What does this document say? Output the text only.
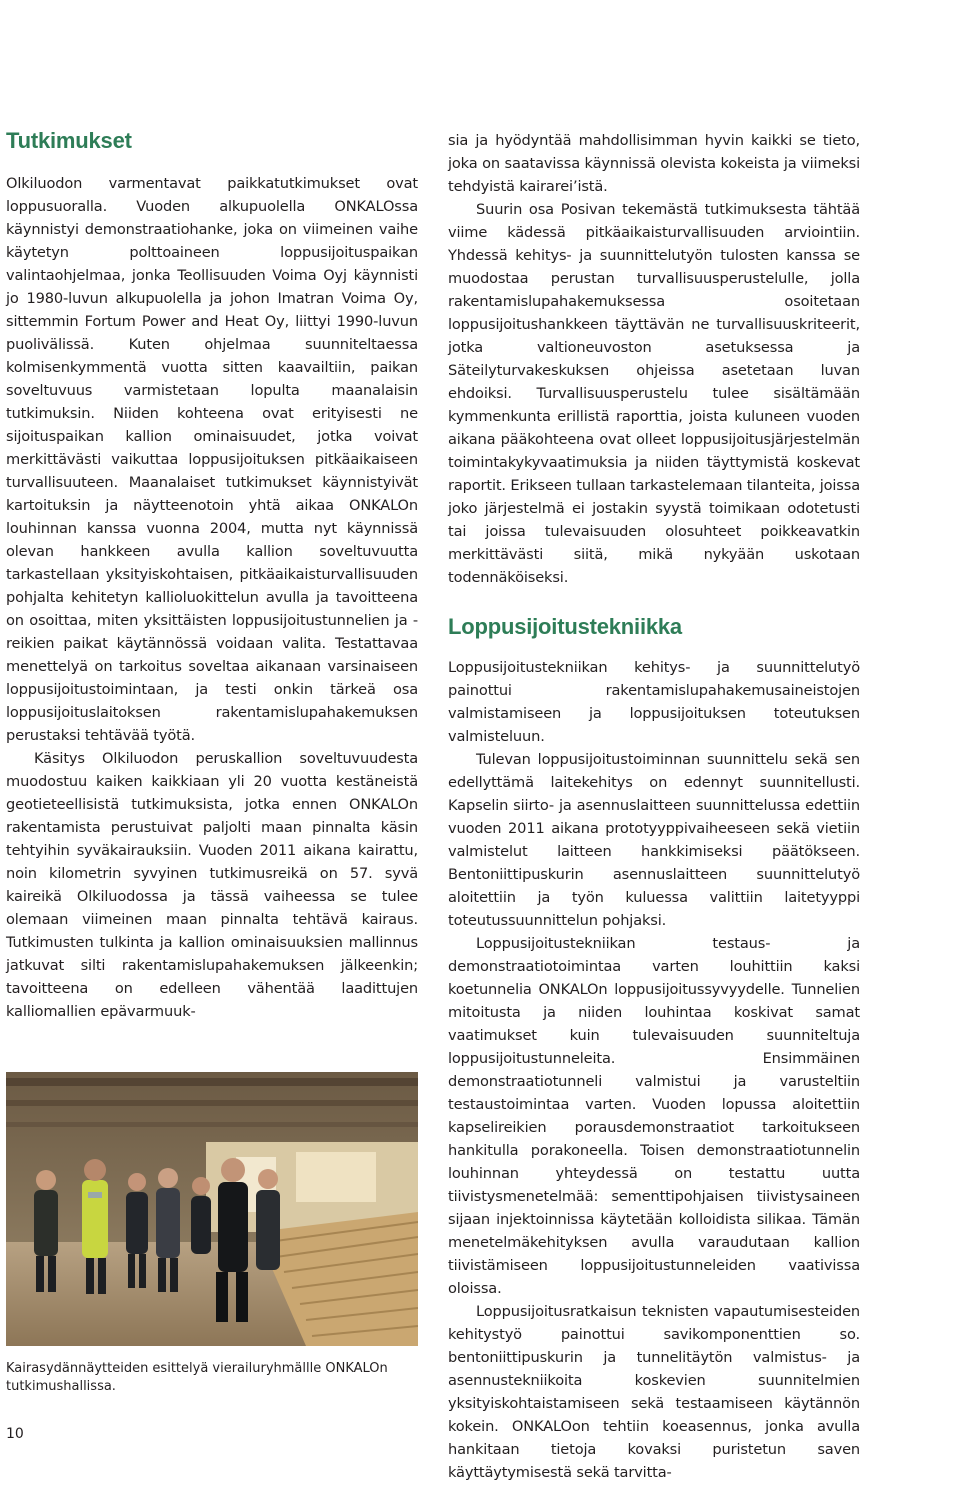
Tutkimukset

Olkiluodon varmentavat paikkatutkimukset ovat loppusuoralla. Vuoden alkupuolella ONKALOssa käynnistyi demonstraatiohanke, joka on viimeinen vaihe käytetyn polttoaineen loppusijoituspaikan valintaohjelmaa, jonka Teollisuuden Voima Oyj käynnisti jo 1980-luvun alkupuolella ja johon Imatran Voima Oy, sittemmin Fortum Power and Heat Oy, liittyi 1990-luvun puolivälissä. Kuten ohjelmaa suunniteltaessa kolmisenkymmentä vuotta sitten kaavailtiin, paikan soveltuvuus varmistetaan lopulta maanalaisin tutkimuksin. Niiden kohteena ovat erityisesti ne sijoituspaikan kallion ominaisuudet, jotka voivat merkittävästi vaikuttaa loppusijoituksen pitkäaikaiseen turvallisuuteen. Maanalaiset tutkimukset käynnistyivät kartoituksin ja näytteenotoin yhtä aikaa ONKALOn louhinnan kanssa vuonna 2004, mutta nyt käynnissä olevan hankkeen avulla kallion soveltuvuutta tarkastellaan yksityiskohtaisen, pitkäaikaisturvallisuuden pohjalta kehitetyn kallioluokittelun avulla ja tavoitteena on osoittaa, miten yksittäisten loppusijoitustunnelien ja -reikien paikat käytännössä voidaan valita. Testattavaa menettelyä on tarkoitus soveltaa aikanaan varsinaiseen loppusijoitustoimintaan, ja testi onkin tärkeä osa loppusijoituslaitoksen rakentamislupahakemuksen perustaksi tehtävää työtä.

Käsitys Olkiluodon peruskallion soveltuvuudesta muodostuu kaiken kaikkiaan yli 20 vuotta kestäneistä geotieteellisistä tutkimuksista, jotka ennen ONKALOn rakentamista perustuivat paljolti maan pinnalta käsin tehtyihin syväkairauksiin. Vuoden 2011 aikana kairattu, noin kilometrin syvyinen tutkimusreikä on 57. syvä kaireikä Olkiluodossa ja tässä vaiheessa se tulee olemaan viimeinen maan pinnalta tehtävä kairaus. Tutkimusten tulkinta ja kallion ominaisuuksien mallinnus jatkuvat silti rakentamislupahakemuksen jälkeenkin; tavoitteena on edelleen vähentää laadittujen kalliomallien epävarmuuk-

Kairasydännäytteiden esittelyä vierailuryhmällle ONKALOn tutkimushallissa.

10

sia ja hyödyntää mahdollisimman hyvin kaikki se tieto, joka on saatavissa käynnissä olevista kokeista ja viimeksi tehdyistä kairarei’istä.

Suurin osa Posivan tekemästä tutkimuksesta tähtää viime kädessä pitkäaikaisturvallisuuden arviointiin. Yhdessä kehitys- ja suunnittelutyön tulosten kanssa se muodostaa perustan turvallisuusperustelulle, jolla rakentamislupahakemuksessa osoitetaan loppusijoitushankkeen täyttävän ne turvallisuuskriteerit, jotka valtioneuvoston asetuksessa ja Säteilyturvakeskuksen ohjeissa asetetaan luvan ehdoiksi. Turvallisuusperustelu tulee sisältämään kymmenkunta erillistä raporttia, joista kuluneen vuoden aikana pääkohteena ovat olleet loppusijoitusjärjestelmän toimintakykyvaatimuksia ja niiden täyttymistä koskevat raportit. Erikseen tullaan tarkastelemaan tilanteita, joissa joko järjestelmä ei jostakin syystä toimikaan odotetusti tai joissa tulevaisuuden olosuhteet poikkeavatkin merkittävästi siitä, mikä nykyään uskotaan todennäköiseksi.

Loppusijoitustekniikka

Loppusijoitustekniikan kehitys- ja suunnittelutyö painottui rakentamislupahakemusaineistojen valmistamiseen ja loppusijoituksen toteutuksen valmisteluun.

Tulevan loppusijoitustoiminnan suunnittelu sekä sen edellyttämä laitekehitys on edennyt suunnitellusti. Kapselin siirto- ja asennuslaitteen suunnittelussa edettiin vuoden 2011 aikana prototyyppivaiheeseen sekä vietiin valmistelut laitteen hankkimiseksi päätökseen. Bentoniittipuskurin asennuslaitteen suunnittelutyö aloitettiin ja työn kuluessa valittiin laitetyyppi toteutussuunnittelun pohjaksi.

Loppusijoitustekniikan testaus- ja demonstraatiotoimintaa varten louhittiin kaksi koetunnelia ONKALOn loppusijoitussyvyydelle. Tunnelien mitoitusta ja niiden louhintaa koskivat samat vaatimukset kuin tulevaisuuden suunniteltuja loppusijoitustunneleita. Ensimmäinen demonstraatiotunneli valmistui ja varusteltiin testaustoimintaa varten. Vuoden lopussa aloitettiin kapselireikien porausdemonstraatiot tarkoitukseen hankitulla porakoneella. Toisen demonstraatiotunnelin louhinnan yhteydessä on testattu uutta tiivistysmenetelmää: sementtipohjaisen tiivistysaineen sijaan injektoinnissa käytetään kolloidista silikaa. Tämän menetelmäkehityksen avulla varaudutaan kallion tiivistämiseen loppusijoitustunneleiden vaativissa oloissa.

Loppusijoitusratkaisun teknisten vapautumisesteiden kehitystyö painottui savikomponenttien so. bentoniittipuskurin ja tunnelitäytön valmistus- ja asennustekniikoita koskevien suunnitelmien yksityiskohtaistamiseen sekä testaamiseen käytännön kokein. ONKALOon tehtiin koeasennus, jonka avulla hankitaan tietoja kovaksi puristetun saven käyttäytymisestä sekä tarvitta-
